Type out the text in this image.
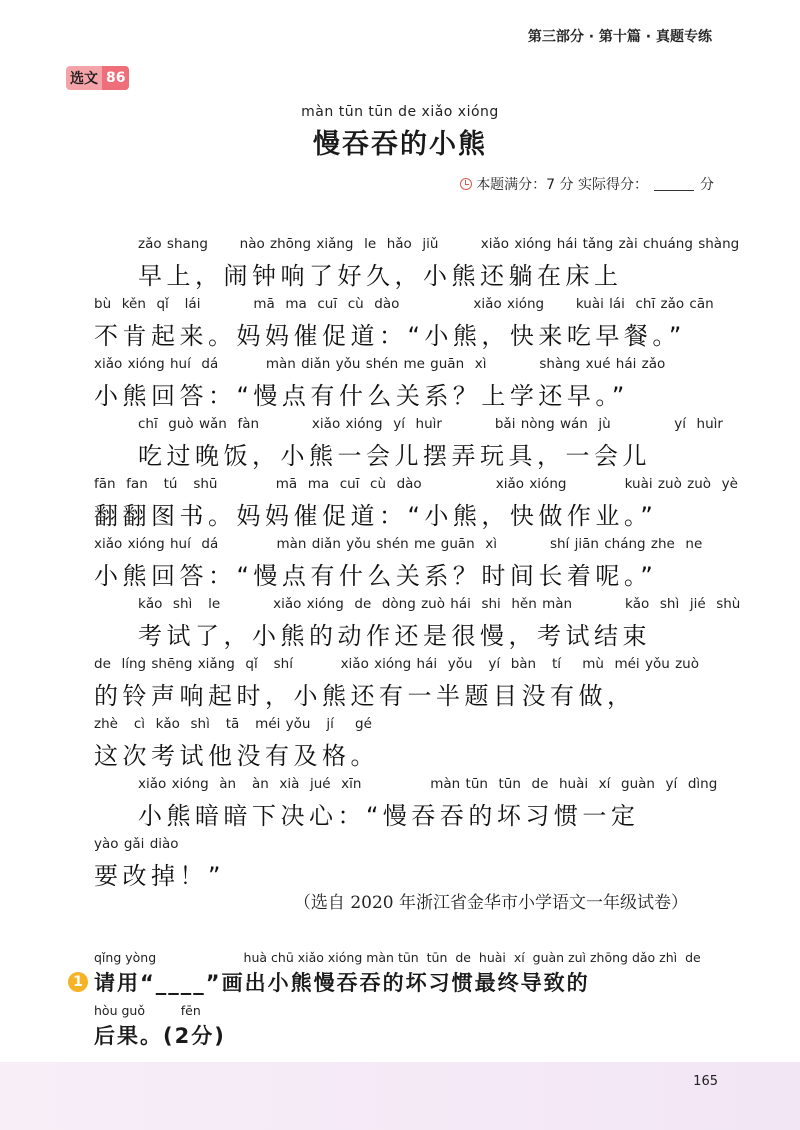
第三部分 · 第十篇 · 真题专练
选文 86
màn tūn tūn de xiǎo xióng
慢吞吞的小熊
本题满分：7 分 实际得分：	分
zǎo shang      nào zhōng xiǎng  le  hǎo  jiǔ        xiǎo xióng hái tǎng zài chuáng shàng
早上，闹钟响了好久，小熊还躺在床上
bù  kěn  qǐ   lái          mā  ma  cuī  cù  dào              xiǎo xióng      kuài lái  chī zǎo cān
不肯起来。妈妈催促道：“小熊，快来吃早餐。”
xiǎo xióng huí  dá         màn diǎn yǒu shén me guān  xì          shàng xué hái zǎo
小熊回答：“慢点有什么关系？上学还早。”
chī  guò wǎn  fàn          xiǎo xióng  yí  huìr          bǎi nòng wán  jù            yí  huìr
吃过晚饭，小熊一会儿摆弄玩具，一会儿
fān  fan   tú   shū           mā  ma  cuī  cù  dào              xiǎo xióng           kuài zuò zuò  yè
翻翻图书。妈妈催促道：“小熊，快做作业。”
xiǎo xióng huí  dá           màn diǎn yǒu shén me guān  xì          shí jiān cháng zhe  ne
小熊回答：“慢点有什么关系？时间长着呢。”
kǎo  shì   le          xiǎo xióng  de  dòng zuò hái  shi  hěn màn          kǎo  shì  jié  shù
考试了，小熊的动作还是很慢，考试结束
de  líng shēng xiǎng  qǐ   shí         xiǎo xióng hái  yǒu   yí  bàn   tí    mù  méi yǒu zuò
的铃声响起时，小熊还有一半题目没有做，
zhè   cì  kǎo  shì   tā   méi yǒu   jí    gé
这次考试他没有及格。
xiǎo xióng  àn   àn  xià  jué  xīn             màn tūn  tūn  de  huài  xí  guàn  yí  dìng
小熊暗暗下决心：“慢吞吞的坏习惯一定
yào gǎi diào
要改掉！”
（选自 2020 年浙江省金华市小学语文一年级试卷）
qǐng yòng                      huà chū xiǎo xióng màn tūn  tūn  de  huài  xí  guàn zuì zhōng dǎo zhì  de
1 请用“____”画出小熊慢吞吞的坏习惯最终导致的
hòu guǒ         fēn
后果。(2分)
165
